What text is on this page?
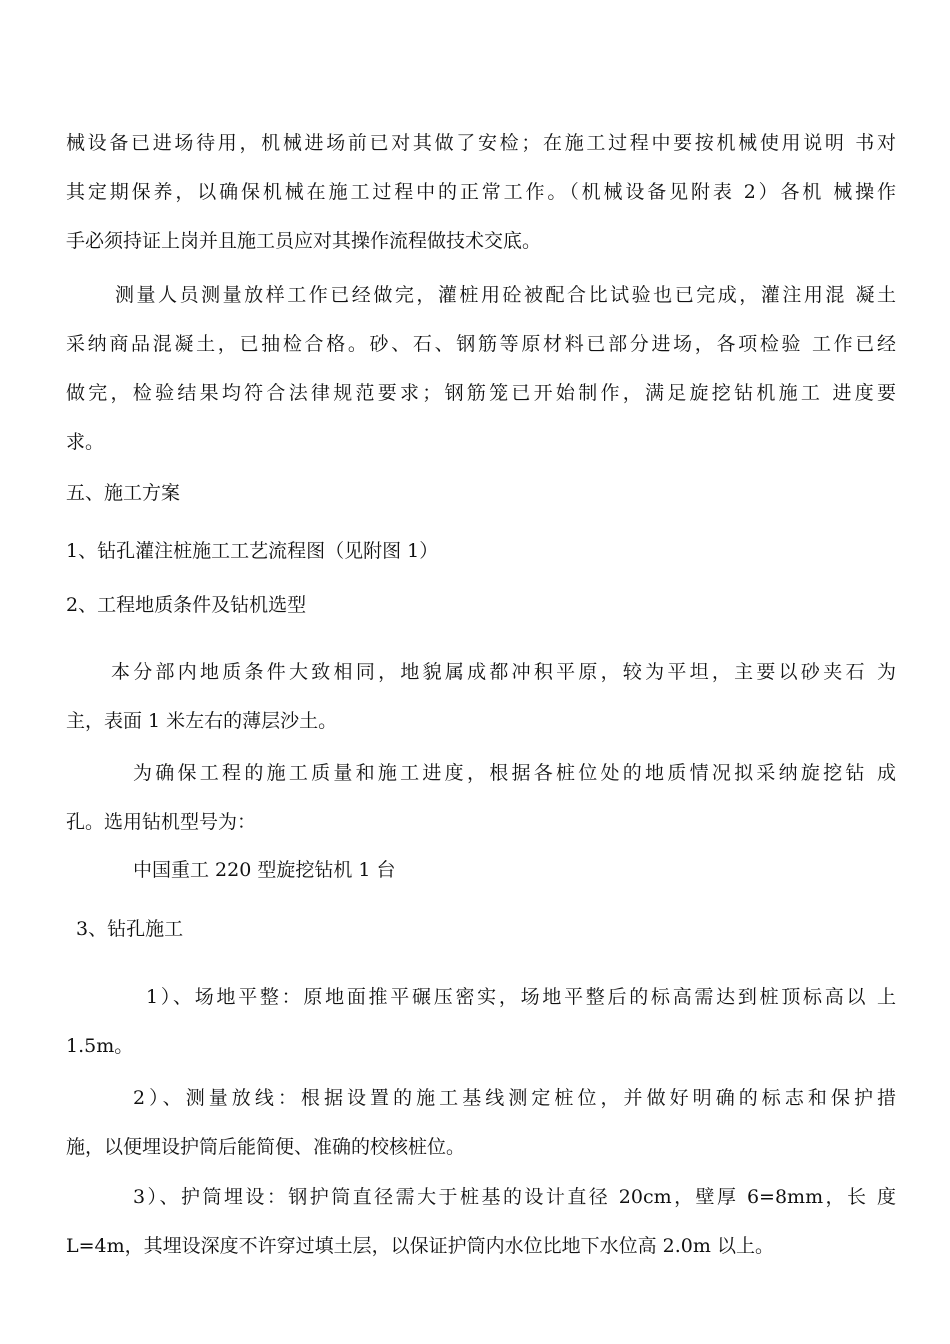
械设备已进场待用，机械进场前已对其做了安检；在施工过程中要按机械使用说明 书对
其定期保养，以确保机械在施工过程中的正常工作。（机械设备见附表 2）各机 械操作
手必须持证上岗并且施工员应对其操作流程做技术交底。
测量人员测量放样工作已经做完，灌桩用砼被配合比试验也已完成，灌注用混 凝土
采纳商品混凝土，已抽检合格。砂、石、钢筋等原材料已部分进场，各项检验 工作已经
做完，检验结果均符合法律规范要求；钢筋笼已开始制作，满足旋挖钻机施工 进度要
求。
五、施工方案
1、钻孔灌注桩施工工艺流程图（见附图 1）
2、工程地质条件及钻机选型
本分部内地质条件大致相同，地貌属成都冲积平原，较为平坦，主要以砂夹石 为
主，表面 1 米左右的薄层沙土。
为确保工程的施工质量和施工进度，根据各桩位处的地质情况拟采纳旋挖钻 成
孔。选用钻机型号为：
中国重工 220 型旋挖钻机 1 台
3、钻孔施工
1）、场地平整：原地面推平碾压密实，场地平整后的标高需达到桩顶标高以 上
1.5m。
2）、测量放线：根据设置的施工基线测定桩位，并做好明确的标志和保护措
施，以便埋设护筒后能简便、准确的校核桩位。
3）、护筒埋设：钢护筒直径需大于桩基的设计直径 20cm，壁厚 6=8mm，长 度
L=4m，其埋设深度不许穿过填土层，以保证护筒内水位比地下水位高 2.0m 以上。
